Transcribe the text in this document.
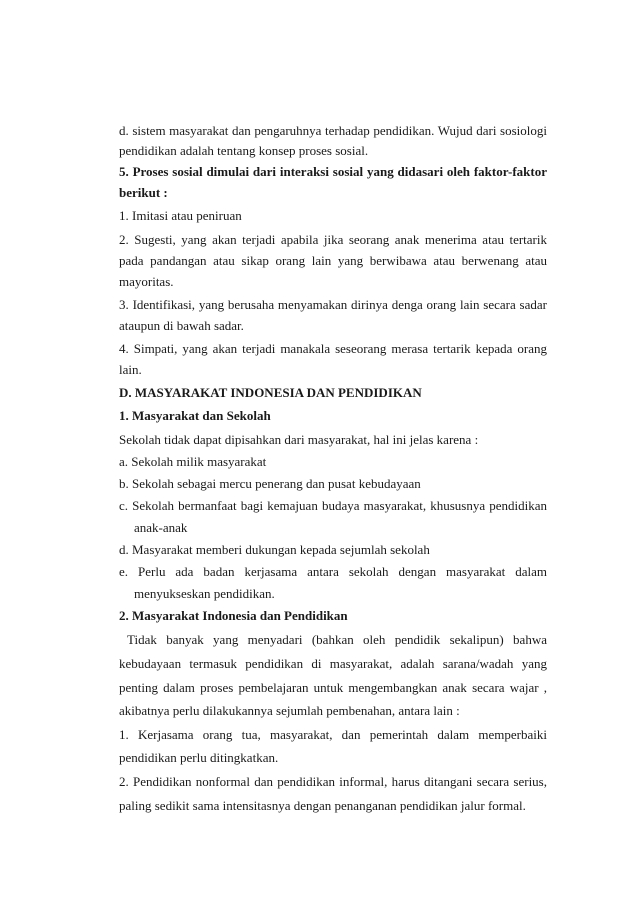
d. sistem masyarakat dan pengaruhnya terhadap pendidikan. Wujud dari sosiologi
pendidikan adalah tentang konsep proses sosial.
5. Proses sosial dimulai dari interaksi sosial yang didasari oleh faktor-faktor
berikut :
1. Imitasi atau peniruan
2. Sugesti, yang akan terjadi apabila jika seorang anak menerima atau tertarik
pada pandangan atau sikap orang lain yang berwibawa atau berwenang atau
mayoritas.
3. Identifikasi, yang berusaha menyamakan dirinya denga orang lain secara sadar
ataupun di bawah sadar.
4. Simpati, yang akan terjadi manakala seseorang merasa tertarik kepada orang
lain.
D. MASYARAKAT INDONESIA DAN PENDIDIKAN
1. Masyarakat dan Sekolah
Sekolah tidak dapat dipisahkan dari masyarakat, hal ini jelas karena :
a. Sekolah milik masyarakat
b. Sekolah sebagai mercu penerang dan pusat kebudayaan
c. Sekolah bermanfaat bagi kemajuan budaya masyarakat, khususnya pendidikan
anak-anak
d. Masyarakat memberi dukungan kepada sejumlah sekolah
e. Perlu ada badan kerjasama antara sekolah dengan masyarakat dalam
menyukseskan pendidikan.
2. Masyarakat Indonesia dan Pendidikan
Tidak banyak yang menyadari (bahkan oleh pendidik sekalipun) bahwa
kebudayaan termasuk pendidikan di masyarakat, adalah sarana/wadah yang
penting dalam proses pembelajaran untuk mengembangkan anak secara wajar ,
akibatnya perlu dilakukannya sejumlah pembenahan, antara lain :
1. Kerjasama orang tua, masyarakat, dan pemerintah dalam memperbaiki
pendidikan perlu ditingkatkan.
2. Pendidikan nonformal dan pendidikan informal, harus ditangani secara serius,
paling sedikit sama intensitasnya dengan penanganan pendidikan jalur formal.
